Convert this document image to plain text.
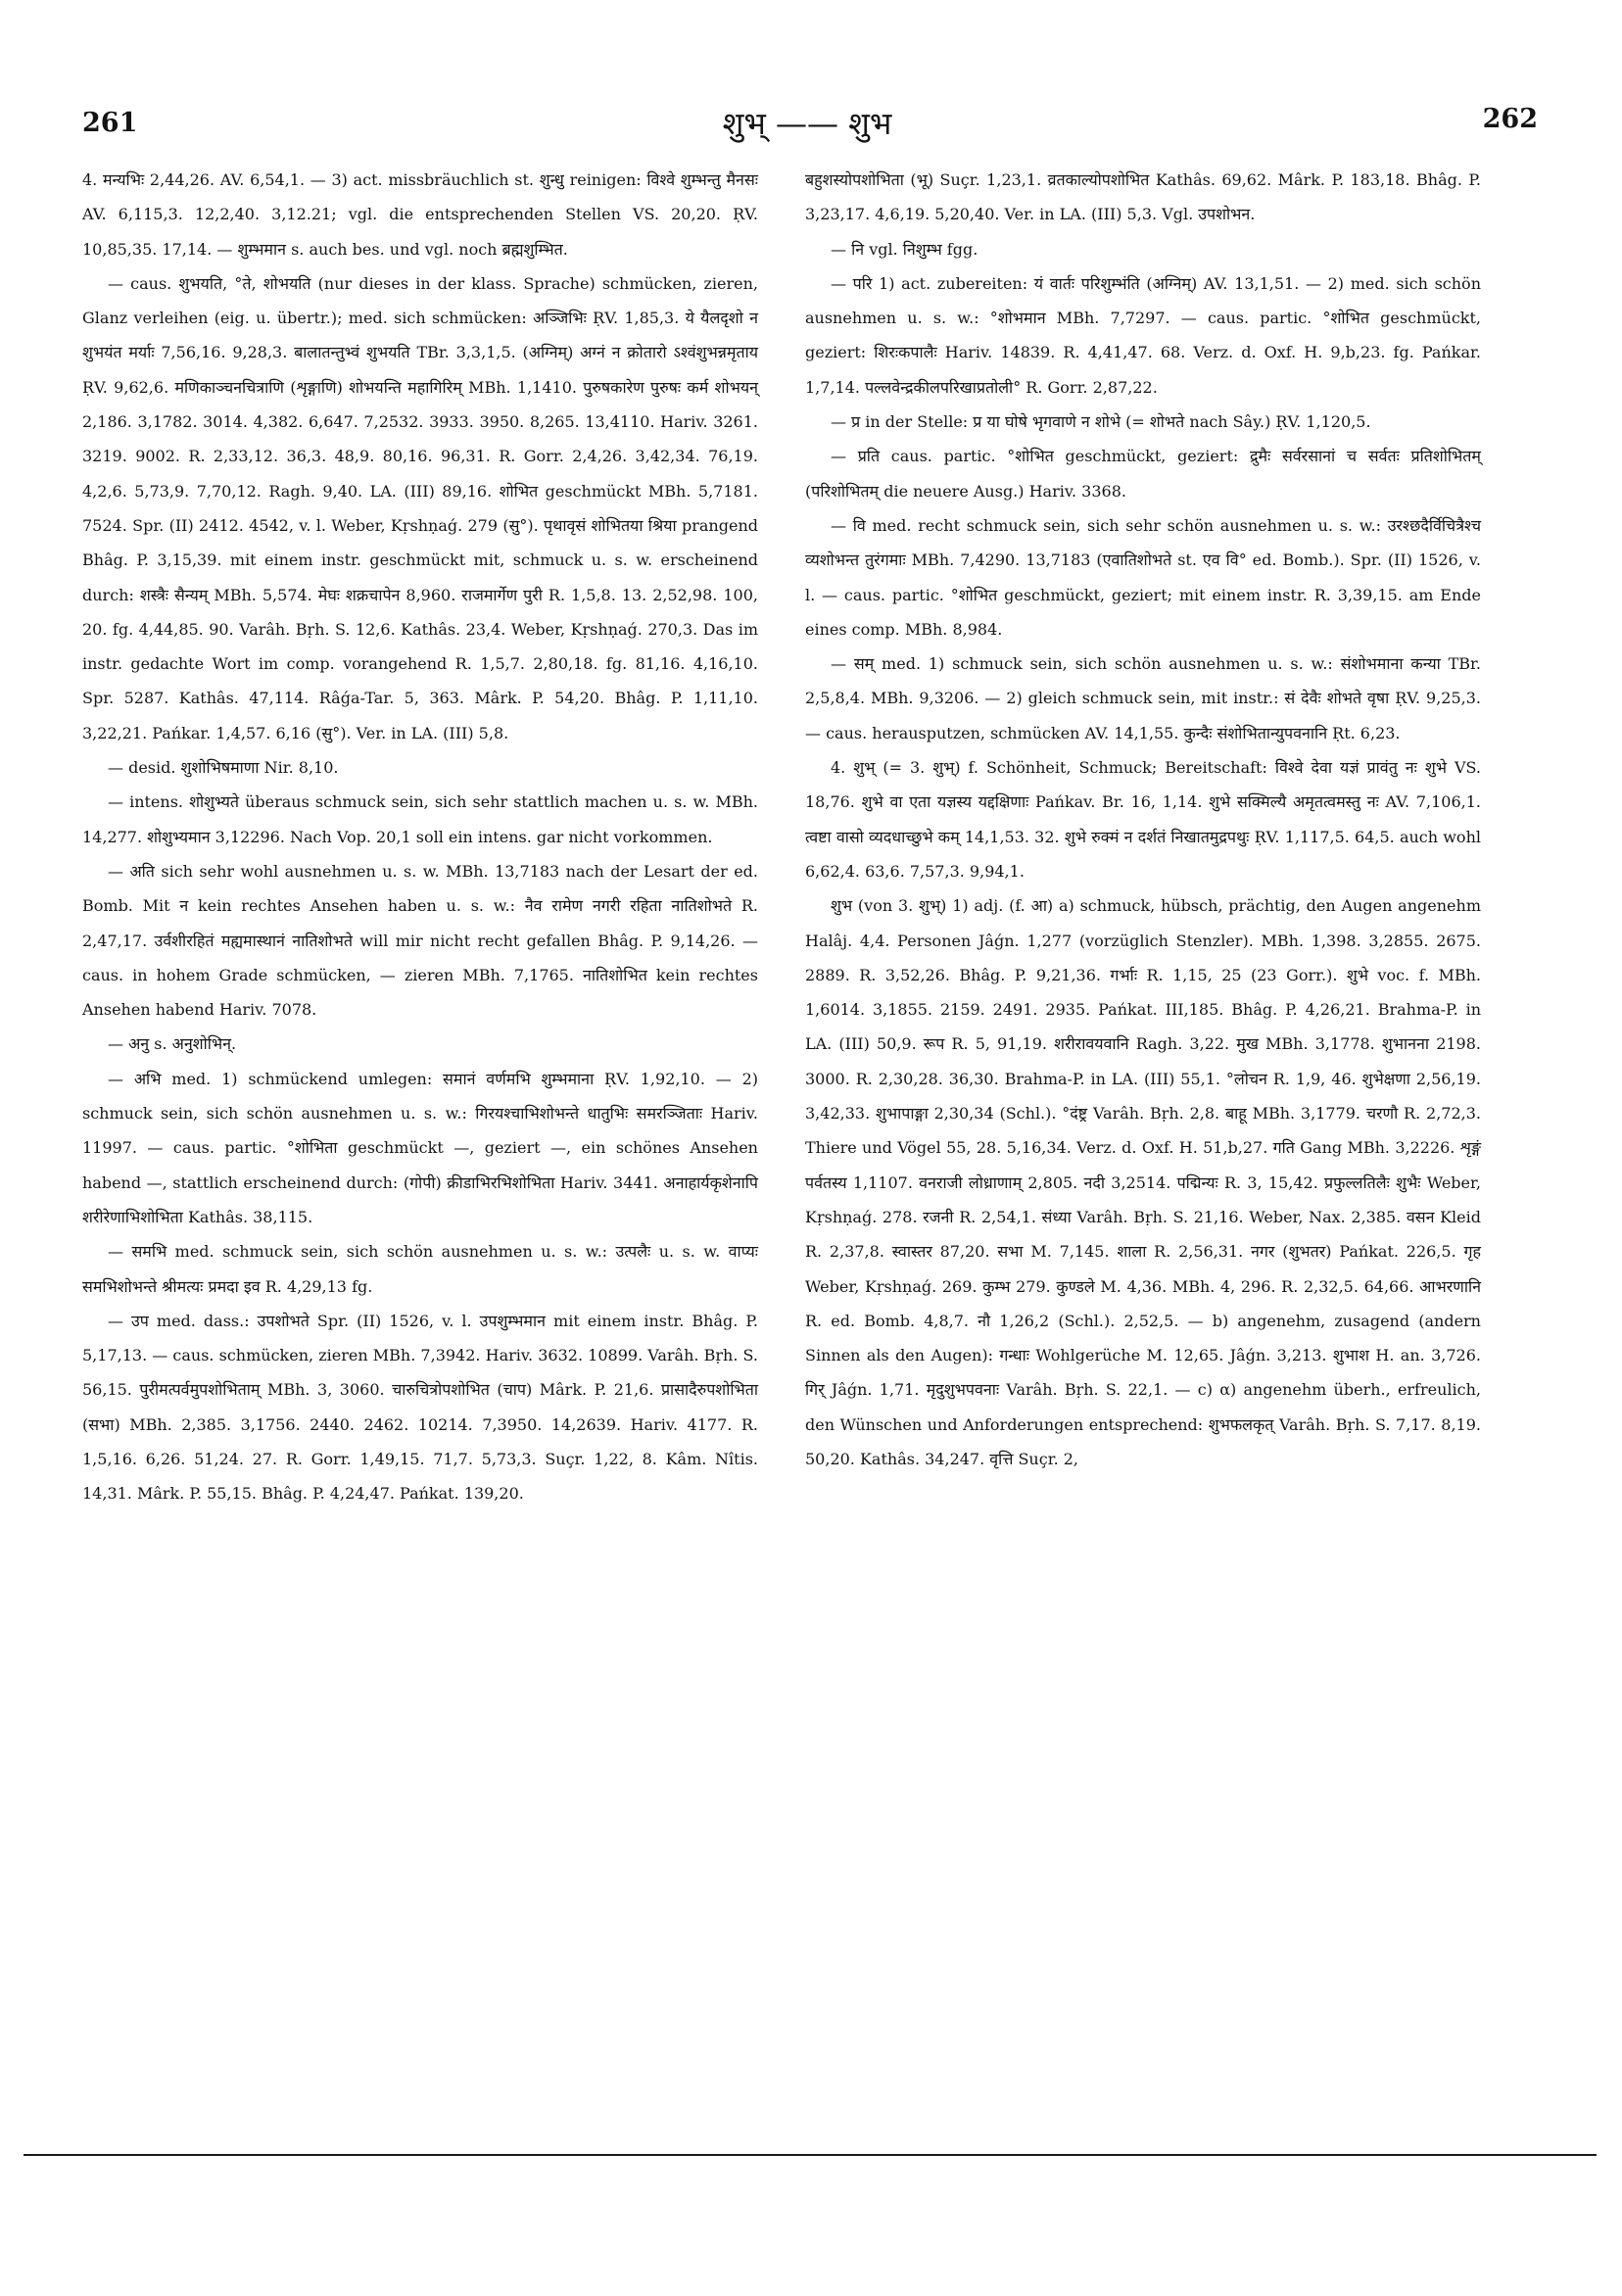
261	शुभ् —— शुभ	262

4. मन्यभिः 2,44,26. AV. 6,54,1. — 3) act. missbräuchlich st. शुन्धु reinigen: विश्वे शुम्भन्तु मैनसः AV. 6,115,3. 12,2,40. 3,12.21; vgl. die entsprechenden Stellen VS. 20,20. ṚV. 10,85,35. 17,14. — शुम्भमान s. auch bes. und vgl. noch ब्रह्मशुम्भित.

— caus. शुभयति, °ते, शोभयति (nur dieses in der klass. Sprache) schmücken, zieren, Glanz verleihen (eig. u. übertr.); med. sich schmücken: अञ्जिभिः ṚV. 1,85,3. ये यैलदृशो न शुभयंत मर्याः 7,56,16. 9,28,3. बालातन्तुभ्वं शुभयति TBr. 3,3,1,5. (अग्निम्) अग्नं न क्रोतारो ऽश्वंशुभन्नमृताय ṚV. 9,62,6. मणिकाञ्चनचित्राणि (शृङ्गाणि) शोभयन्ति महागिरिम् MBh. 1,1410. पुरुषकारेण पुरुषः कर्म शोभयन् 2,186. 3,1782. 3014. 4,382. 6,647. 7,2532. 3933. 3950. 8,265. 13,4110. Hariv. 3261. 3219. 9002. R. 2,33,12. 36,3. 48,9. 80,16. 96,31. R. Gorr. 2,4,26. 3,42,34. 76,19. 4,2,6. 5,73,9. 7,70,12. Ragh. 9,40. LA. (III) 89,16. शोभित geschmückt MBh. 5,7181. 7524. Spr. (II) 2412. 4542, v. l. Weber, Kṛshṇaǵ. 279 (सु°). पृथावृसं शोभितया श्रिया prangend Bhâg. P. 3,15,39. mit einem instr. geschmückt mit, schmuck u. s. w. erscheinend durch: शस्त्रैः सैन्यम् MBh. 5,574. मेघः शक्रचापेन 8,960. राजमार्गेण पुरी R. 1,5,8. 13. 2,52,98. 100, 20. fg. 4,44,85. 90. Varâh. Bṛh. S. 12,6. Kathâs. 23,4. Weber, Kṛshṇaǵ. 270,3. Das im instr. gedachte Wort im comp. vorangehend R. 1,5,7. 2,80,18. fg. 81,16. 4,16,10. Spr. 5287. Kathâs. 47,114. Râǵa-Tar. 5, 363. Mârk. P. 54,20. Bhâg. P. 1,11,10. 3,22,21. Pańkar. 1,4,57. 6,16 (सु°). Ver. in LA. (III) 5,8.

— desid. शुशोभिषमाणा Nir. 8,10.

— intens. शोशुभ्यते überaus schmuck sein, sich sehr stattlich machen u. s. w. MBh. 14,277. शोशुभ्यमान 3,12296. Nach Vop. 20,1 soll ein intens. gar nicht vorkommen.

— अति sich sehr wohl ausnehmen u. s. w. MBh. 13,7183 nach der Lesart der ed. Bomb. Mit न kein rechtes Ansehen haben u. s. w.: नैव रामेण नगरी रहिता नातिशोभते R. 2,47,17. उर्वशीरहितं मह्यमास्थानं नातिशोभते will mir nicht recht gefallen Bhâg. P. 9,14,26. — caus. in hohem Grade schmücken, — zieren MBh. 7,1765. नातिशोभित kein rechtes Ansehen habend Hariv. 7078.

— अनु s. अनुशोभिन्.

— अभि med. 1) schmückend umlegen: समानं वर्णमभि शुम्भमाना ṚV. 1,92,10. — 2) schmuck sein, sich schön ausnehmen u. s. w.: गिरयश्चाभिशोभन्ते धातुभिः समरञ्जिताः Hariv. 11997. — caus. partic. °शोभिता geschmückt —, geziert —, ein schönes Ansehen habend —, stattlich erscheinend durch: (गोपी) क्रीडाभिरभिशोभिता Hariv. 3441. अनाहार्यकृशेनापि शरीरेणाभिशोभिता Kathâs. 38,115.

— समभि med. schmuck sein, sich schön ausnehmen u. s. w.: उत्पलैः u. s. w. वाप्यः समभिशोभन्ते श्रीमत्यः प्रमदा इव R. 4,29,13 fg.

— उप med. dass.: उपशोभते Spr. (II) 1526, v. l. उपशुम्भमान mit einem instr. Bhâg. P. 5,17,13. — caus. schmücken, zieren MBh. 7,3942. Hariv. 3632. 10899. Varâh. Bṛh. S. 56,15. पुरीमत्पर्वमुपशोभिताम् MBh. 3, 3060. चारुचित्रोपशोभित (चाप) Mârk. P. 21,6. प्रासादैरुपशोभिता (सभा) MBh. 2,385. 3,1756. 2440. 2462. 10214. 7,3950. 14,2639. Hariv. 4177. R. 1,5,16. 6,26. 51,24. 27. R. Gorr. 1,49,15. 71,7. 5,73,3. Suçr. 1,22, 8. Kâm. Nîtis. 14,31. Mârk. P. 55,15. Bhâg. P. 4,24,47. Pańkat. 139,20.

बहुशस्योपशोभिता (भू) Suçr. 1,23,1. व्रतकाल्योपशोभित Kathâs. 69,62. Mârk. P. 183,18. Bhâg. P. 3,23,17. 4,6,19. 5,20,40. Ver. in LA. (III) 5,3. Vgl. उपशोभन.

— नि vgl. निशुम्भ fgg.

— परि 1) act. zubereiten: यं वार्तः परिशुम्भंति (अग्निम्) AV. 13,1,51. — 2) med. sich schön ausnehmen u. s. w.: °शोभमान MBh. 7,7297. — caus. partic. °शोभित geschmückt, geziert: शिरःकपालैः Hariv. 14839. R. 4,41,47. 68. Verz. d. Oxf. H. 9,b,23. fg. Pańkar. 1,7,14. पल्लवेन्द्रकीलपरिखाप्रतोली° R. Gorr. 2,87,22.

— प्र in der Stelle: प्र या घोषे भृगवाणे न शोभे (= शोभते nach Sây.) ṚV. 1,120,5.

— प्रति caus. partic. °शोभित geschmückt, geziert: द्रुमैः सर्वरसानां च सर्वतः प्रतिशोभितम् (परिशोभितम् die neuere Ausg.) Hariv. 3368.

— वि med. recht schmuck sein, sich sehr schön ausnehmen u. s. w.: उरश्छदैर्विचित्रैश्च व्यशोभन्त तुरंगमाः MBh. 7,4290. 13,7183 (एवातिशोभते st. एव वि° ed. Bomb.). Spr. (II) 1526, v. l. — caus. partic. °शोभित geschmückt, geziert; mit einem instr. R. 3,39,15. am Ende eines comp. MBh. 8,984.

— सम् med. 1) schmuck sein, sich schön ausnehmen u. s. w.: संशोभमाना कन्या TBr. 2,5,8,4. MBh. 9,3206. — 2) gleich schmuck sein, mit instr.: सं देवैः शोभते वृषा ṚV. 9,25,3. — caus. herausputzen, schmücken AV. 14,1,55. कुन्दैः संशोभितान्युपवनानि Ṛt. 6,23.

4. शुभ् (= 3. शुभ्) f. Schönheit, Schmuck; Bereitschaft: विश्वे देवा यज्ञं प्रावंतु नः शुभे VS. 18,76. शुभे वा एता यज्ञस्य यद्दक्षिणाः Pańkav. Br. 16, 1,14. शुभे सक्मिल्यै अमृतत्वमस्तु नः AV. 7,106,1. त्वष्टा वासो व्यदधाच्छुभे कम् 14,1,53. 32. शुभे रुक्मं न दर्शतं निखातमुद्रपथुः ṚV. 1,117,5. 64,5. auch wohl 6,62,4. 63,6. 7,57,3. 9,94,1.

शुभ (von 3. शुभ्) 1) adj. (f. आ) a) schmuck, hübsch, prächtig, den Augen angenehm Halâj. 4,4. Personen Jâǵn. 1,277 (vorzüglich Stenzler). MBh. 1,398. 3,2855. 2675. 2889. R. 3,52,26. Bhâg. P. 9,21,36. गर्भाः R. 1,15, 25 (23 Gorr.). शुभे voc. f. MBh. 1,6014. 3,1855. 2159. 2491. 2935. Pańkat. III,185. Bhâg. P. 4,26,21. Brahma-P. in LA. (III) 50,9. रूप R. 5, 91,19. शरीरावयवानि Ragh. 3,22. मुख MBh. 3,1778. शुभानना 2198. 3000. R. 2,30,28. 36,30. Brahma-P. in LA. (III) 55,1. °लोचन R. 1,9, 46. शुभेक्षणा 2,56,19. 3,42,33. शुभापाङ्गा 2,30,34 (Schl.). °दंष्ट्र Varâh. Bṛh. 2,8. बाहू MBh. 3,1779. चरणौ R. 2,72,3. Thiere und Vögel 55, 28. 5,16,34. Verz. d. Oxf. H. 51,b,27. गति Gang MBh. 3,2226. शृङ्गं पर्वतस्य 1,1107. वनराजी लोध्राणाम् 2,805. नदी 3,2514. पद्मिन्यः R. 3, 15,42. प्रफुल्लतिलैः शुभैः Weber, Kṛshṇaǵ. 278. रजनी R. 2,54,1. संध्या Varâh. Bṛh. S. 21,16. Weber, Nax. 2,385. वसन Kleid R. 2,37,8. स्वास्तर 87,20. सभा M. 7,145. शाला R. 2,56,31. नगर (शुभतर) Pańkat. 226,5. गृह Weber, Kṛshṇaǵ. 269. कुम्भ 279. कुण्डले M. 4,36. MBh. 4, 296. R. 2,32,5. 64,66. आभरणानि R. ed. Bomb. 4,8,7. नौ 1,26,2 (Schl.). 2,52,5. — b) angenehm, zusagend (andern Sinnen als den Augen): गन्धाः Wohlgerüche M. 12,65. Jâǵn. 3,213. शुभाश H. an. 3,726. गिर् Jâǵn. 1,71. मृदुशुभपवनाः Varâh. Bṛh. S. 22,1. — c) α) angenehm überh., erfreulich, den Wünschen und Anforderungen entsprechend: शुभफलकृत् Varâh. Bṛh. S. 7,17. 8,19. 50,20. Kathâs. 34,247. वृत्ति Suçr. 2,
